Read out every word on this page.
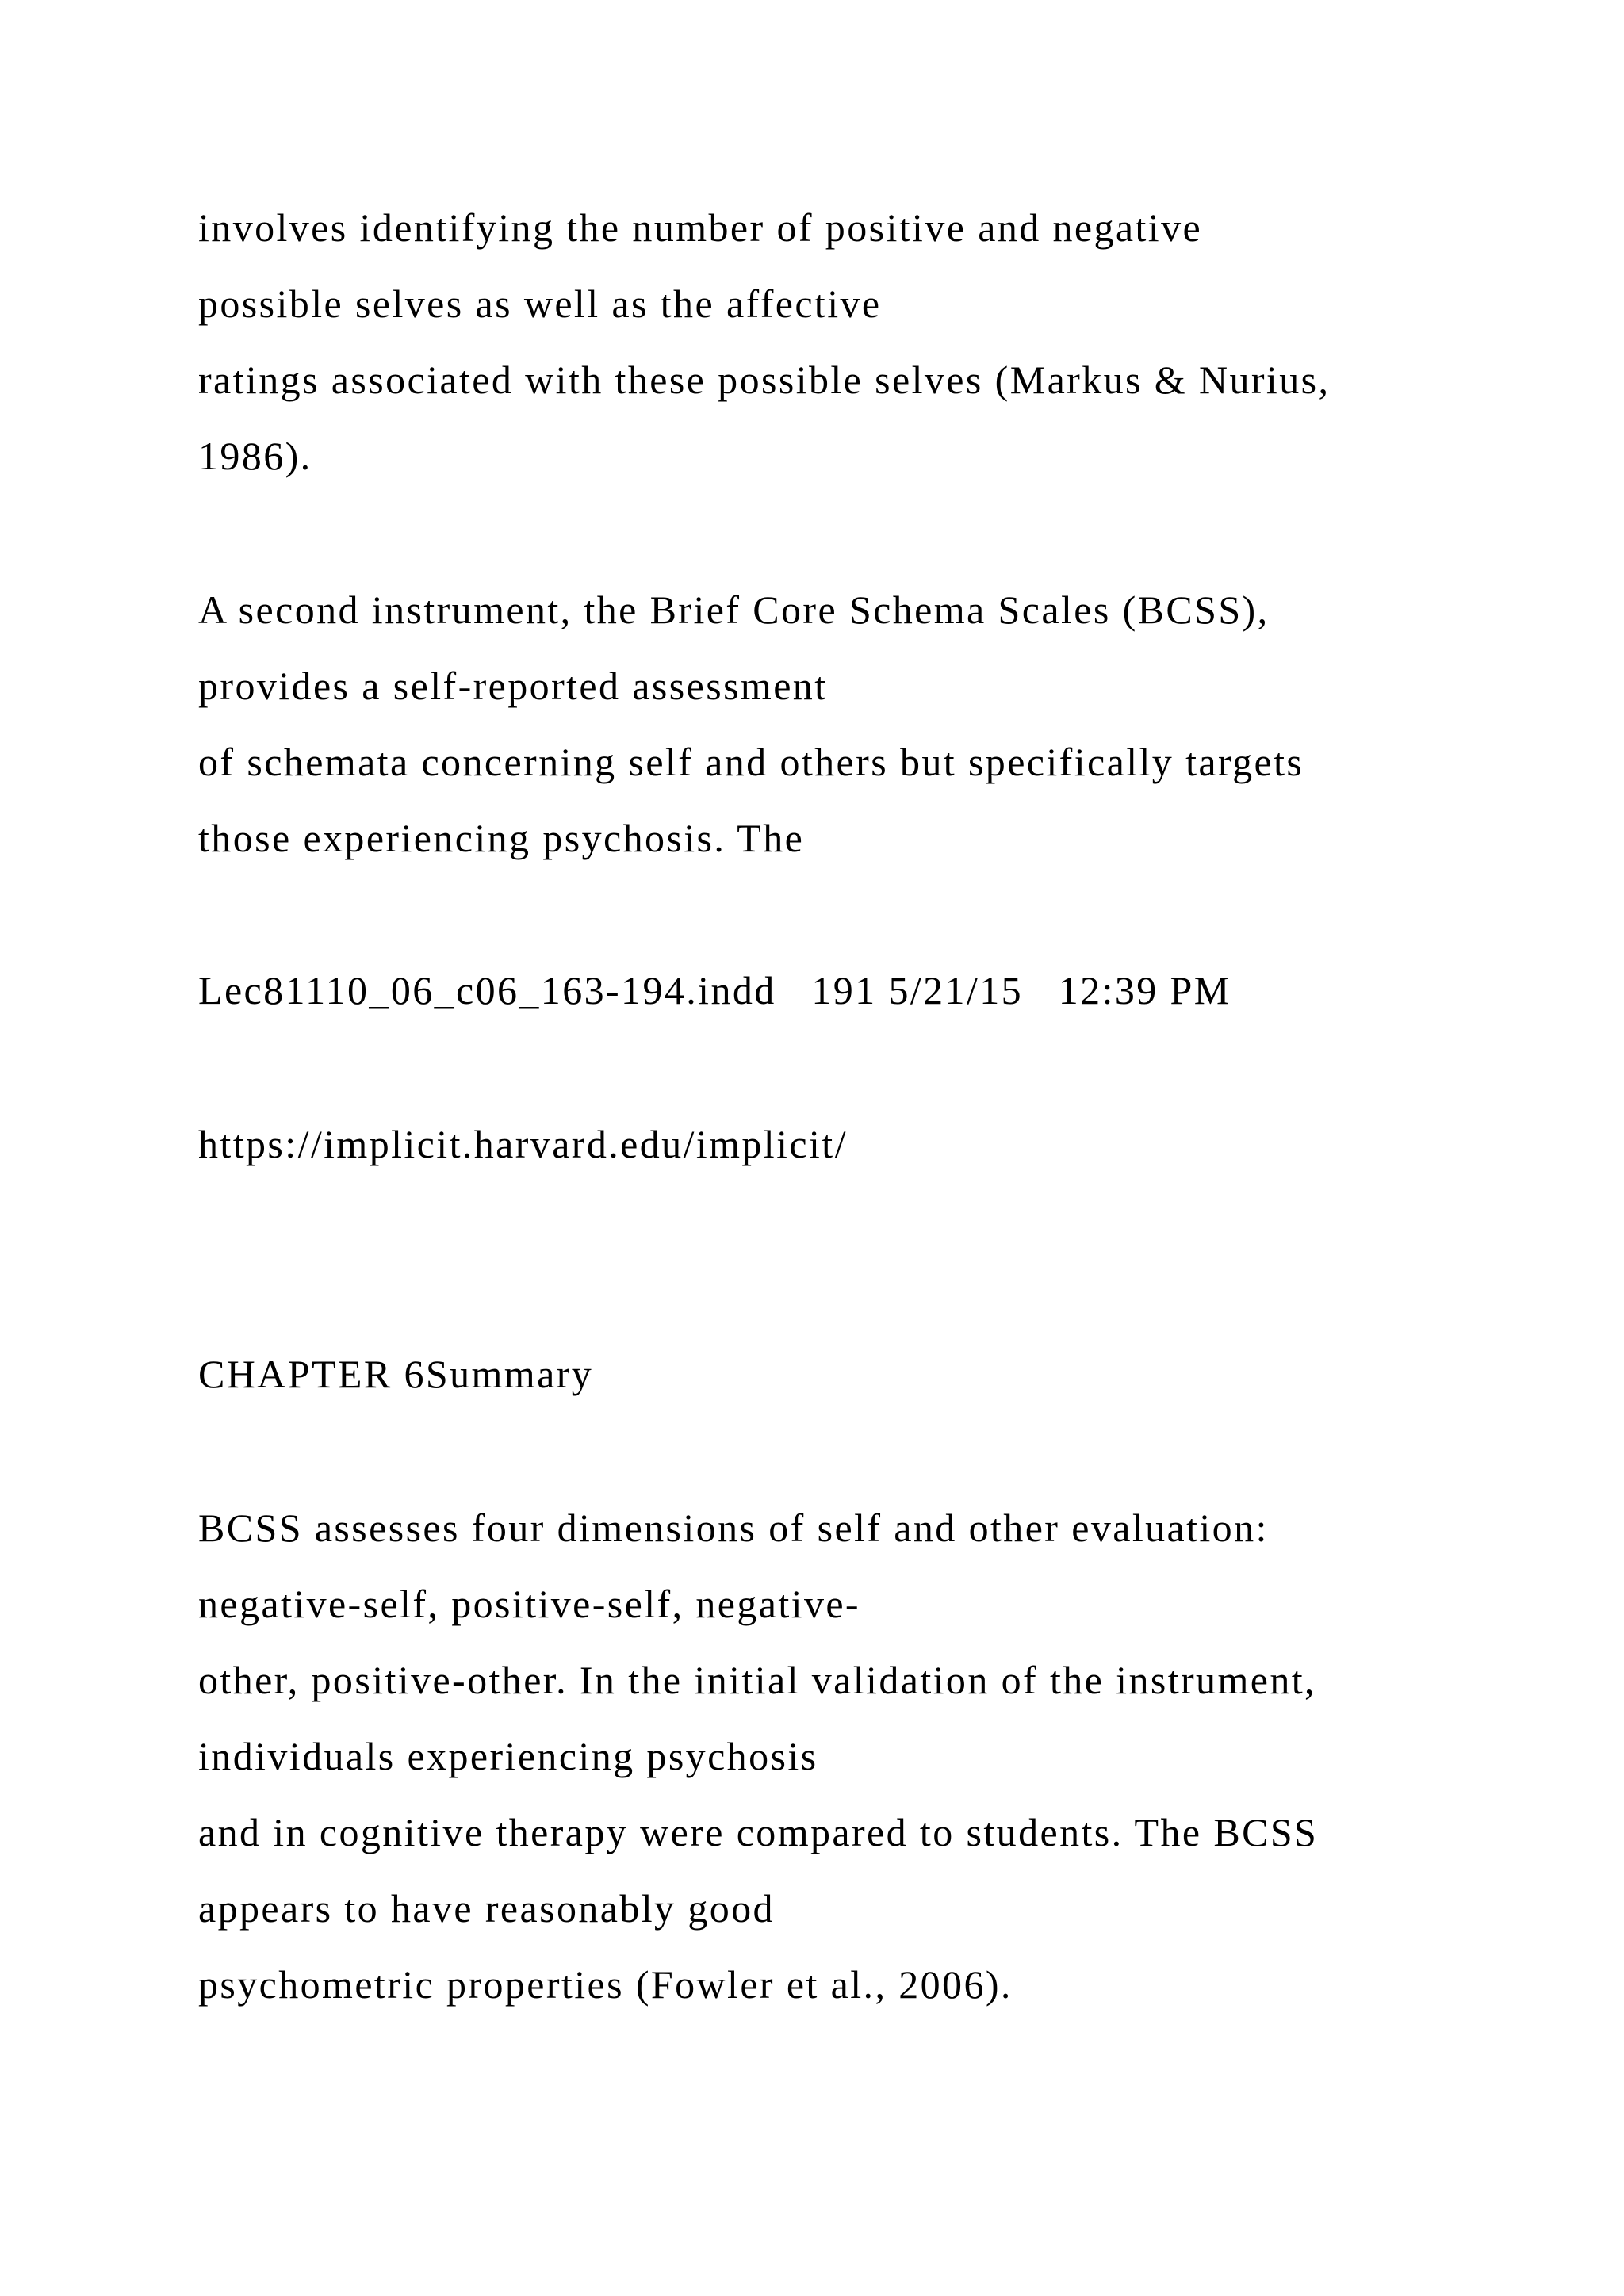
involves identifying the number of positive and negative
possible selves as well as the affective
ratings associated with these possible selves (Markus & Nurius,
1986).
A second instrument, the Brief Core Schema Scales (BCSS),
provides a self-reported assessment
of schemata concerning self and others but specifically targets
those experiencing psychosis. The
Lec81110_06_c06_163-194.indd   191 5/21/15   12:39 PM
https://implicit.harvard.edu/implicit/
CHAPTER 6Summary
BCSS assesses four dimensions of self and other evaluation:
negative-self, positive-self, negative-
other, positive-other. In the initial validation of the instrument,
individuals experiencing psychosis
and in cognitive therapy were compared to students. The BCSS
appears to have reasonably good
psychometric properties (Fowler et al., 2006).
